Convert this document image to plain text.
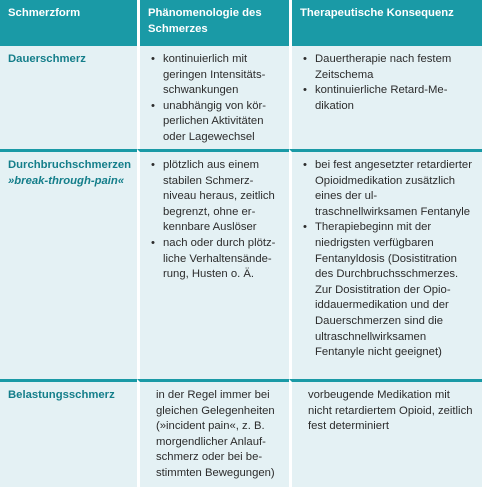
Schmerzform	Phänomenologie des
Schmerzes
Therapeutische Konsequenz
Dauerschmerz
•	kontinuierlich mit geringen Intensitätsschwankungen
• unabhängig von körperlichen Aktivitäten oder Lagewechsel
• Dauertherapie nach festem Zeitschema
• kontinuierliche Retard-Medikation
Durchbruchschmerzen
»break-through-pain«
• plötzlich aus einem stabilen Schmerzniveau heraus, zeitlich begrenzt, ohne erkennbare Auslöser
• nach oder durch plötzliche Verhaltensänderung, Husten o. Ä.
• bei fest angesetzter retardierter Opioidmedikation zusätzlich eines der ultraschnellwirksamen Fentanyle
• Therapiebeginn mit der niedrigsten verfügbaren Fentanyldosis (Dosistitration des Durchbruchsschmerzes. Zur Dosistitration der Opioiddauermedikation und der Dauerschmerzen sind die ultraschnellwirksamen Fentanyle nicht geeignet)
Belastungsschmerz	in der Regel immer bei gleichen Gelegenheiten (»incident pain«, z. B. morgendlicher Anlaufschmerz oder bei bestimmten Bewegungen)
vorbeugende Medikation mit nicht retardiertem Opioid, zeitlich fest determiniert
